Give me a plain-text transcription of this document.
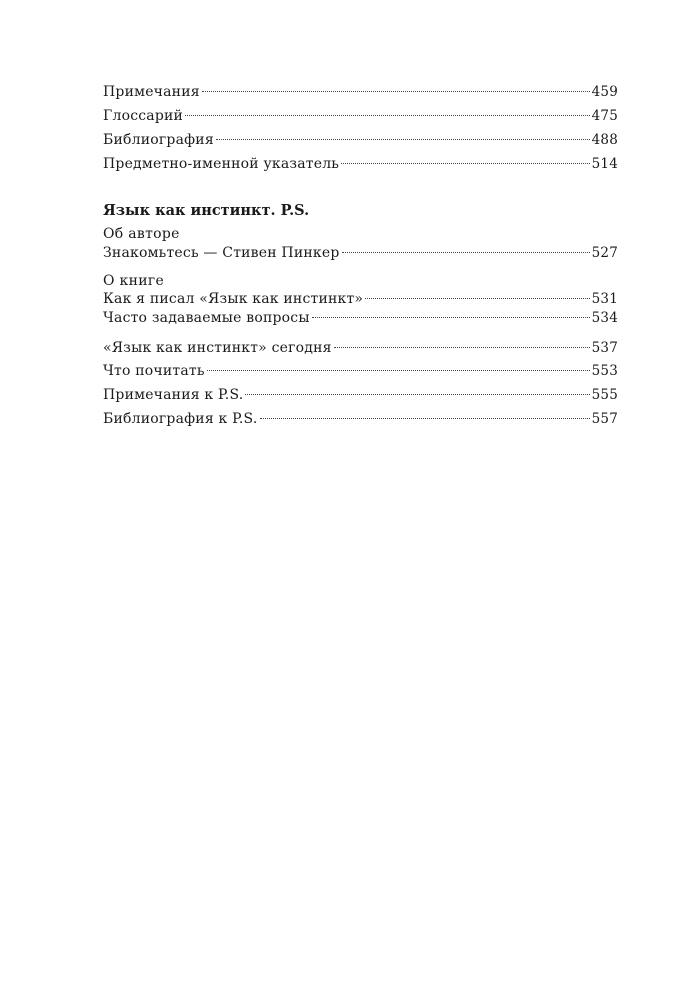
Примечания	459
Глоссарий	475
Библиография	488
Предметно-именной указатель	514
Язык как инстинкт. P.S.
Об авторе
Знакомьтесь — Стивен Пинкер	527
О книге
Как я писал «Язык как инстинкт»	531
Часто задаваемые вопросы	534
«Язык как инстинкт» сегодня	537
Что почитать	553
Примечания к P.S.	555
Библиография к P.S.	557
